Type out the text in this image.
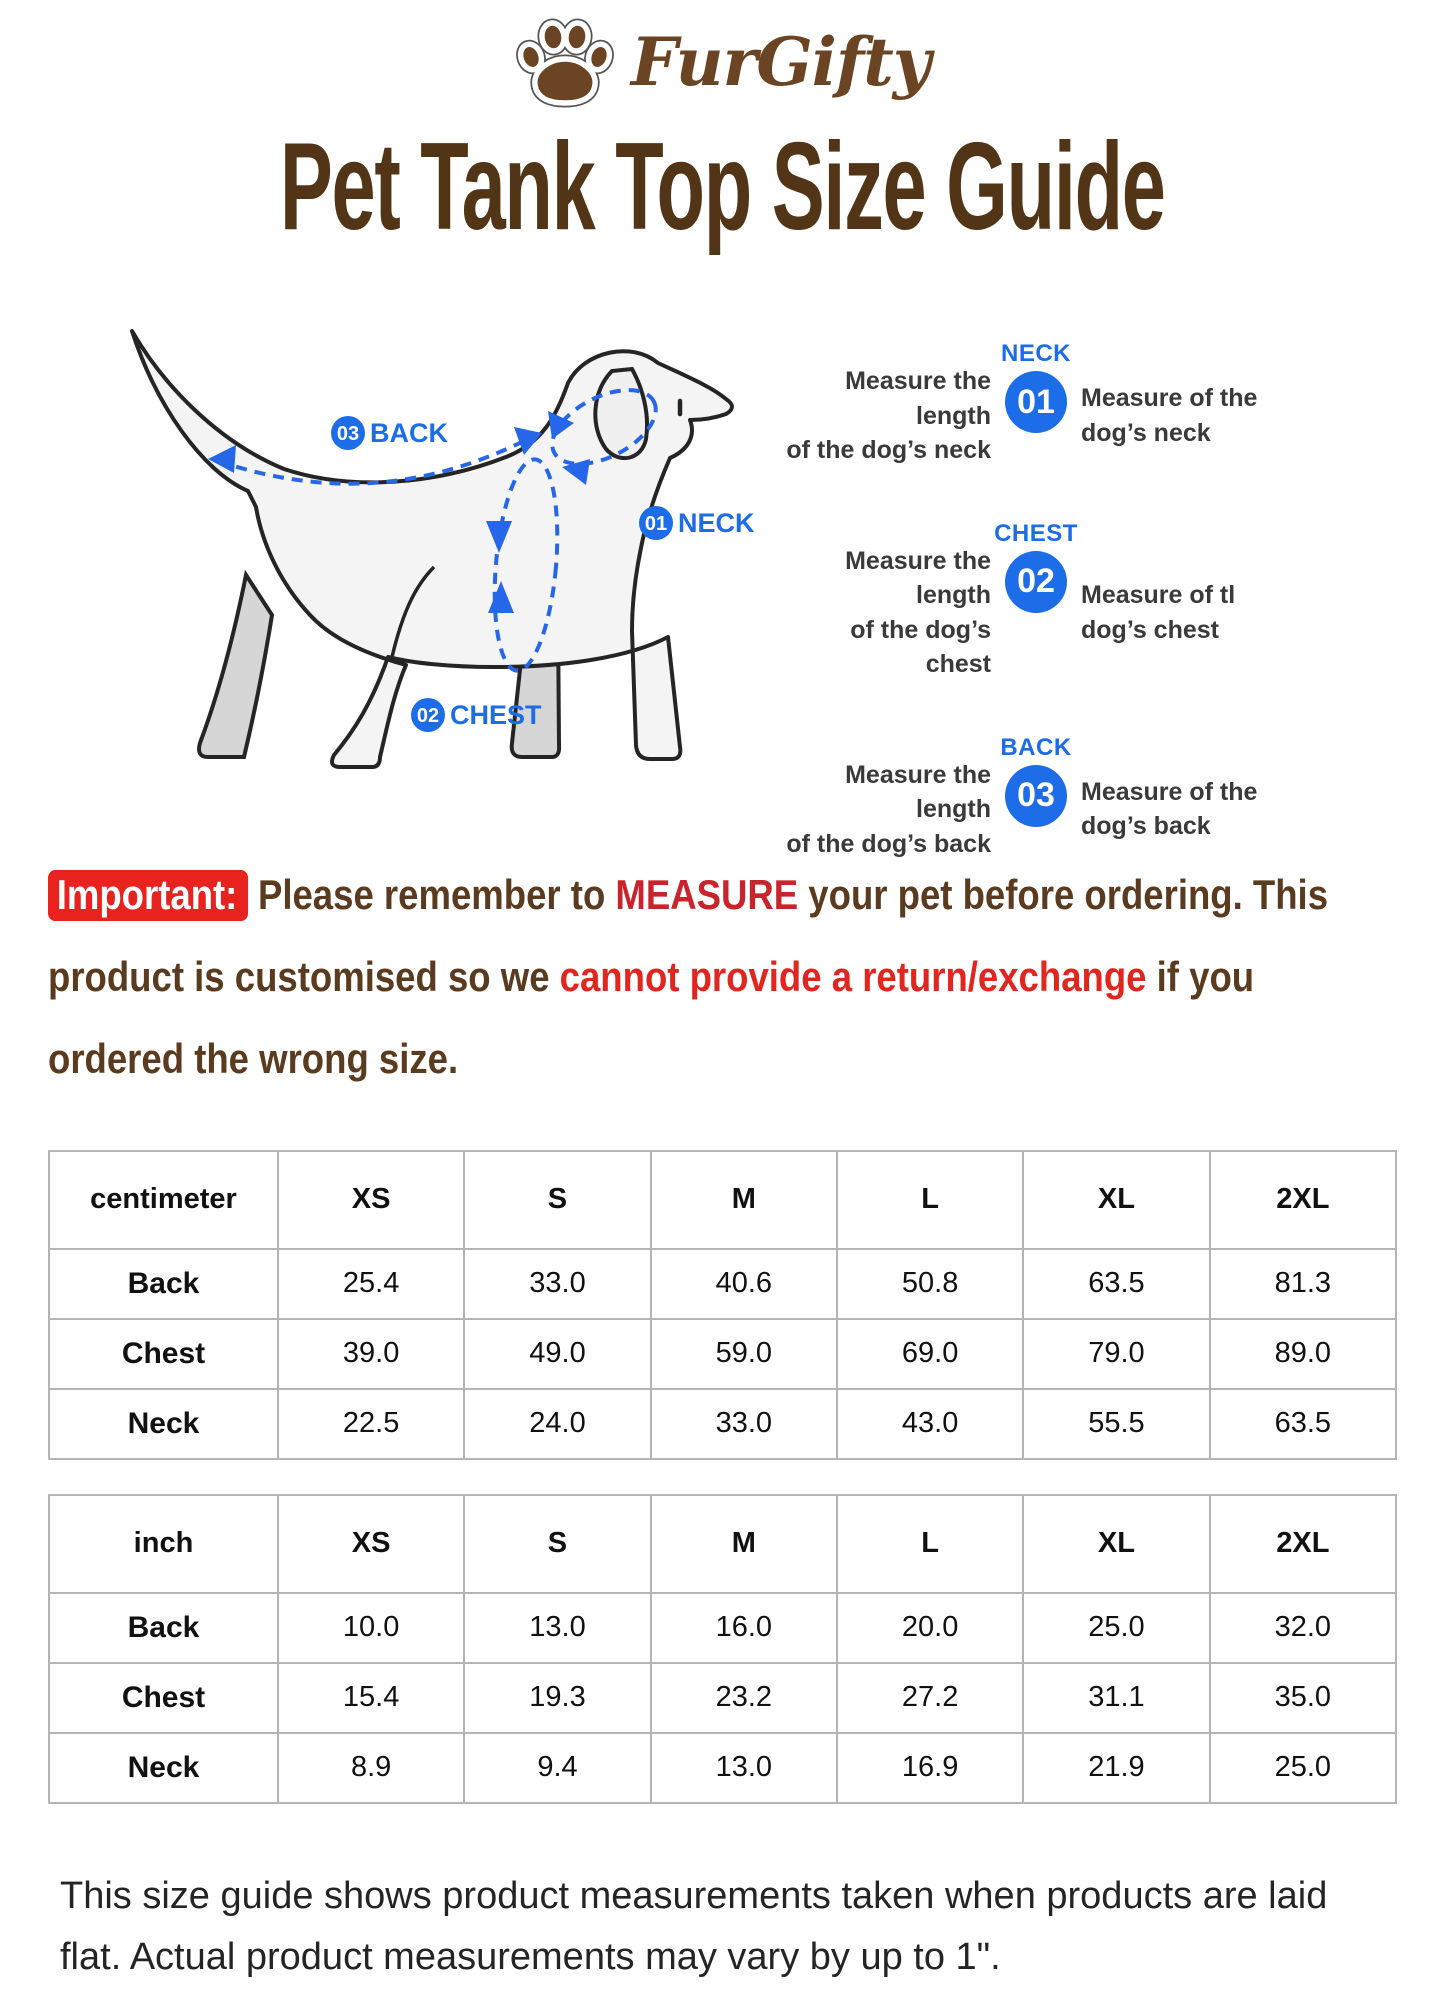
FurGifty
Pet Tank Top Size Guide
03 BACK
01 NECK
02 CHEST
Measure the length
of the dog’s neck
NECK
01	Measure of the
dog’s neck
Measure the length
of the dog’s chest
CHEST
02	Measure of tl
dog’s chest
Measure the length
of the dog’s back
BACK
03	Measure of the
dog’s back
Important: Please remember to MEASURE your pet before ordering. This
product is customised so we cannot provide a return/exchange if you
ordered the wrong size.
centimeter	XS	S	M	L	XL	2XL
Back	25.4	33.0	40.6	50.8	63.5	81.3
Chest	39.0	49.0	59.0	69.0	79.0	89.0
Neck	22.5	24.0	33.0	43.0	55.5	63.5
inch	XS	S	M	L	XL	2XL
Back	10.0	13.0	16.0	20.0	25.0	32.0
Chest	15.4	19.3	23.2	27.2	31.1	35.0
Neck	8.9	9.4	13.0	16.9	21.9	25.0
This size guide shows product measurements taken when products are laid
flat. Actual product measurements may vary by up to 1".
